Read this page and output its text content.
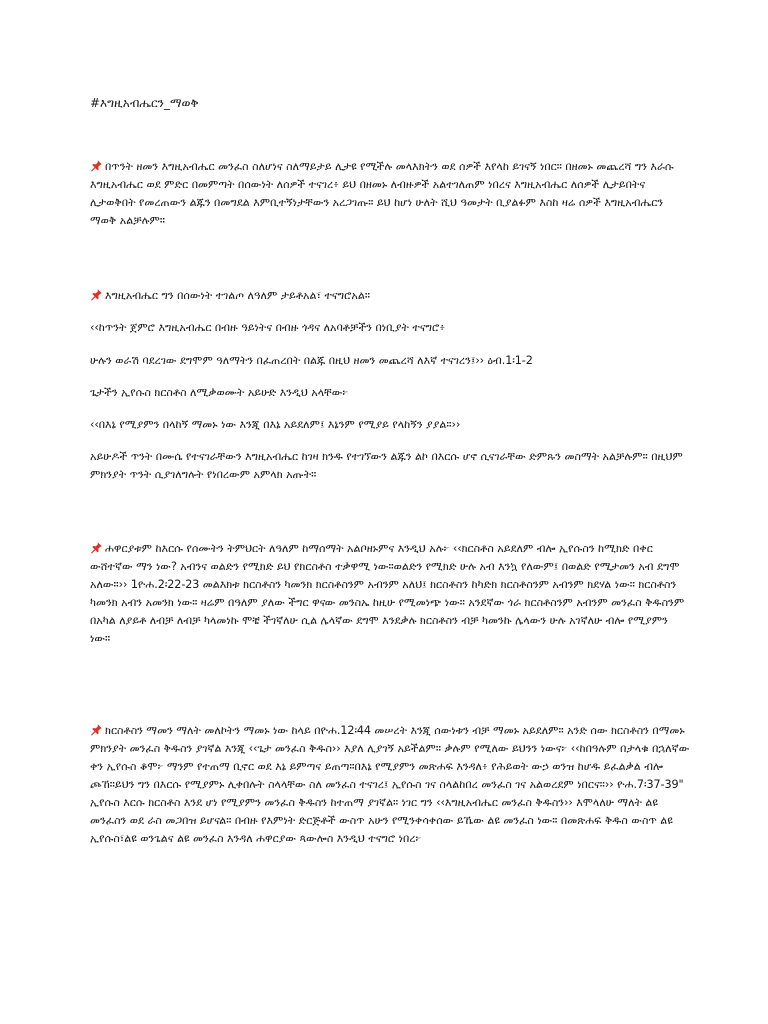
#እግዚአብሔርን_ማወቅ

በጥንት ዘመን እግዚአብሔር መንፈስ ስለሆነና ስለማይታይ ሊታዩ የሚችሉ መላእክትን ወደ ሰዎች እየላከ ይገናኝ ነበር። በዘመኑ መጨረሻ ግን እራሱ እግዚአብሔር ወደ ምድር በመምጣት በሰውነት ለሰዎች ተናገረ፥ ይህ በዘመኑ ለብዙዎች አልተገለጠም ነበረና እግዚአብሔር ለሰዎች ሊታይበትና ሊታወቅበት የመረጠውን ልጁን በመግደል እምቢተኝነታቸውን አረጋገጡ። ይህ ከሆነ ሁለት ሺህ ዓመታት ቢያልፉም እስከ ዛሬ ሰዎች እግዚአብሔርን ማወቅ አልቻሉም።

እግዚአብሔር ግን በሰውነት ተገልጦ ለዓለም ታይቶአል፣ ተናግሮአል።

‹‹ከጥንት ጀምሮ እግዚአብሔር በብዙ ዓይነትና በብዙ ጎዳና ለአባቶቻችን በነቢያት ተናግሮ፥

ሁሉን ወራሽ ባደረገው ደግሞም ዓለማትን በፈጠረበት በልጁ በዚህ ዘመን መጨረሻ ለእኛ ተናገረን፤›› ዕብ.1፡1-2

ጌታችን ኢየሱስ ክርስቶስ ለሚቃወሙት አይሁድ እንዲህ አላቸው፦

‹‹በእኔ የሚያምን በላከኝ ማመኑ ነው እንጂ በእኔ አይደለም፤ እኔንም የሚያይ የላከኝን ያያል።››

አይሁዶች ጥንት በሙሴ የተናገራቸውን እግዚአብሔር ከገዛ ክንዱ የተገኘውን ልጁን ልኮ በእርሱ ሆኖ ሲናገራቸው ድምጹን መስማት አልቻሉም። በዚህም ምክንያት ጥንት ሲያገለግሉት የነበረውም አምላክ አጡት።

ሐዋርያቱም ከእርሱ የሰሙትን ትምህርት ለዓለም ከማሰማት አልቦዘኑምና እንዲህ አሉ፦ ‹‹ክርስቶስ አይደለም ብሎ ኢየሱስን ከሚክድ በቀር ውሸተኛው ማን ነው? አብንና ወልድን የሚክድ ይህ የክርስቶስ ተቃዋሚ ነው።ወልድን የሚክድ ሁሉ አብ እንኳ የለውም፤ በወልድ የሚታመን አብ ደግሞ አለው።›› 1ዮሐ.2፡22-23 መልእክቱ ክርስቶስን ካመንክ ክርስቶስንም አብንም አለህ፤ ክርስቶስን ከካድክ ክርስቶስንም አብንም ክደሃል ነው። ክርስቶስን ካመንክ አብን አመንክ ነው። ዛሬም በዓለም ያለው ችግር ዋናው መንስኤ ከዚሁ የሚመነጭ ነው። አንደኛው ጎራ ክርስቶስንም አብንም መንፈስ ቅዱስንም በአካል ለያይቶ ለብቻ ለብቻ ካላመነኩ ሞቼ ችገኛለሁ ሲል ሌላኛው ደግሞ እንደቃሉ ክርስቶስን ብቻ ካመንኩ ሌላውን ሁሉ አገኛለሁ ብሎ የሚያምን ነው።

ክርስቶስን ማመን ማለት መለኮትን ማመኑ ነው ከላይ በዮሐ.12፡44 መሠረት እንጂ ሰውነቱን ብቻ ማመኑ አይደለም። አንድ ሰው ክርስቶስን በማመኑ ምክንያት መንፈስ ቅዱስን ያገኛል እንጂ ‹‹ጌታ መንፈስ ቅዱስ›› እያለ ሊያገኝ አይችልም። ቃሉም የሚለው ይህንን ነውና፦ ‹‹ከበዓሉም በታላቁ በኋለኛው ቀን ኢየሱስ ቆሞ፦ ማንም የተጠማ ቢኖር ወደ እኔ ይምጣና ይጠጣ።በእኔ የሚያምን መጽሐፍ እንዳለ፥ የሕይወት ውኃ ወንዝ ከሆዱ ይፈልቃል ብሎ ጮኸ።ይህን ግን በእርሱ የሚያምኑ ሊቀበሉት ስላላቸው ስለ መንፈስ ተናገረ፤ ኢየሱስ ገና ስላልከበረ መንፈስ ገና አልወረደም ነበርና።›› ዮሐ.7፡37-39" ኢየሱስ እርሱ ክርስቶስ እንደ ሆነ የሚያምን መንፈስ ቅዱስን ከተጠማ ያገኛል። ነገር ግን ‹‹እግዚአብሔር መንፈስ ቅዱስን›› እሞላለሁ ማለት ልዩ መንፈስን ወደ ራስ መጋበዝ ይሆናል። በብዙ የእምነት ድርጅቶች ውስጥ አሁን የሚንቀሳቀሰው ይኼው ልዩ መንፈስ ነው። በመጽሐፍ ቅዱስ ውስጥ ልዩ ኢየሱስ፣ልዩ ወንጌልና ልዩ መንፈስ እንዳለ ሐዋርያው ጳውሎስ እንዲህ ተናግሮ ነበረ፦
